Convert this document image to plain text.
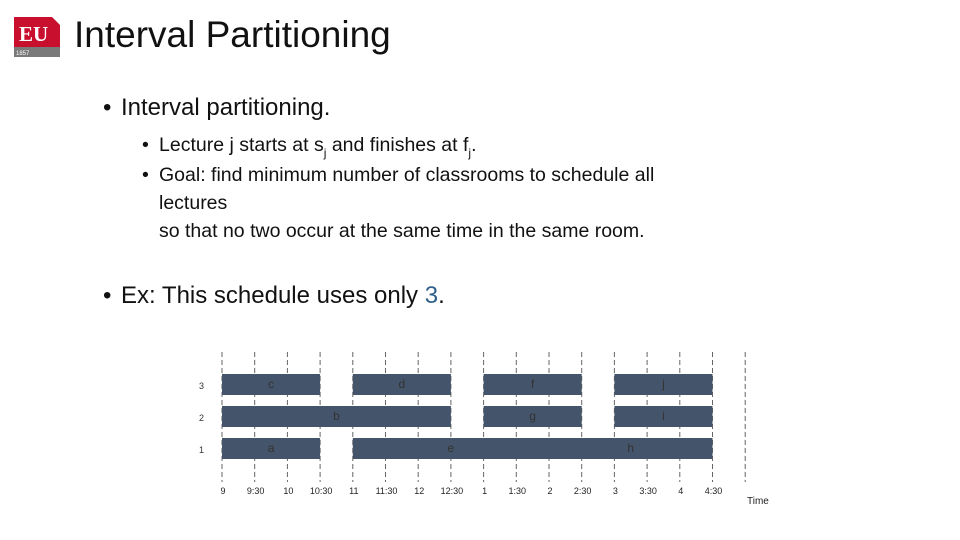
EU
1857 Interval Partitioning
• Interval partitioning.
• Lecture j starts at $s_j$ and finishes at $f_j$.
• Goal: find minimum number of classrooms to schedule all
lectures
so that no two occur at the same time in the same room.
• Ex: This schedule uses only 3.
c	d	f	j
b	g	i
a	e	h
1
2
3
9 9:30 10 10:30 11 11:30 12 12:30 1 1:30 2 2:30 3 3:30 4 4:30
Time
